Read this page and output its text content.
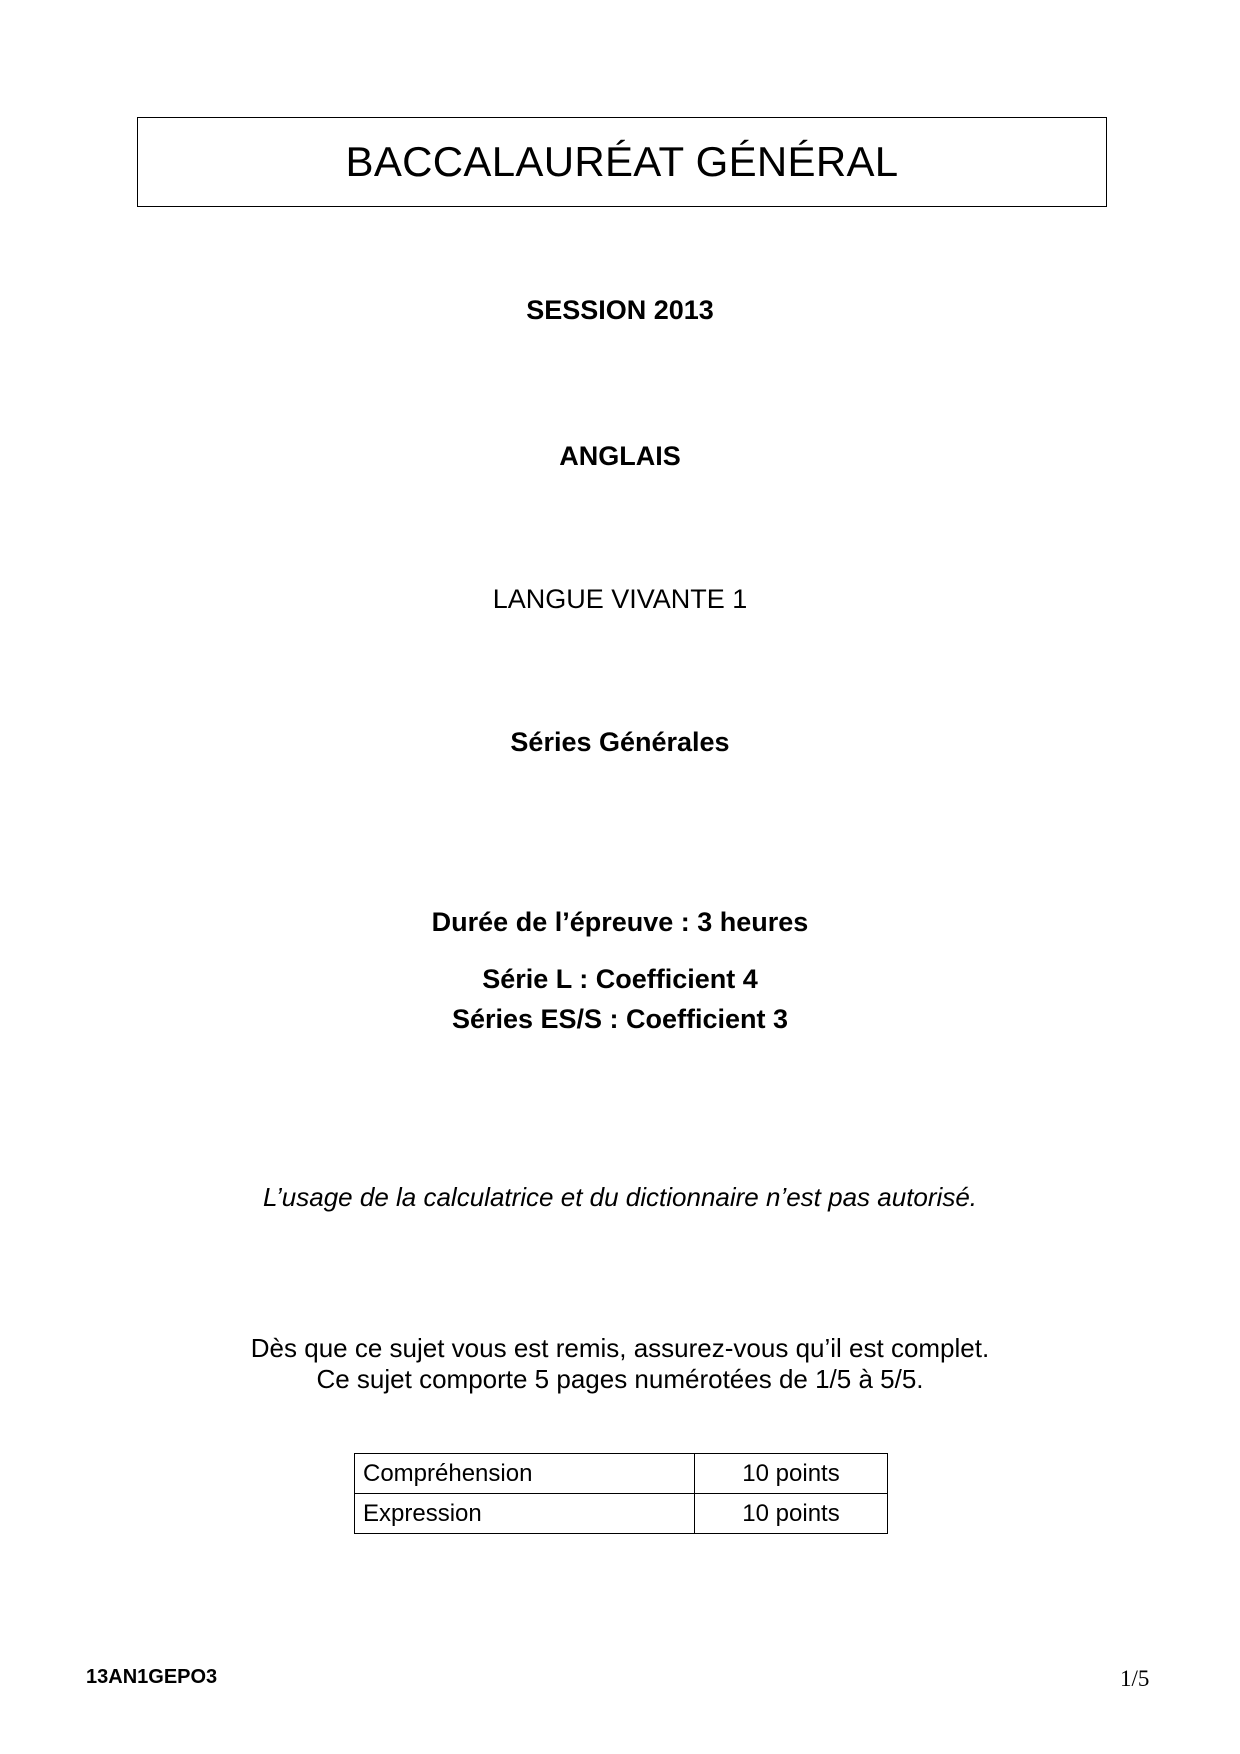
BACCALAURÉAT GÉNÉRAL
SESSION 2013
ANGLAIS
LANGUE VIVANTE 1
Séries Générales
Durée de l’épreuve : 3 heures
Série L : Coefficient 4
Séries ES/S : Coefficient 3
L’usage de la calculatrice et du dictionnaire n’est pas autorisé.
Dès que ce sujet vous est remis, assurez-vous qu’il est complet.
Ce sujet comporte 5 pages numérotées de 1/5 à 5/5.
Compréhension	10 points
Expression	10 points
13AN1GEPO3	1/5
